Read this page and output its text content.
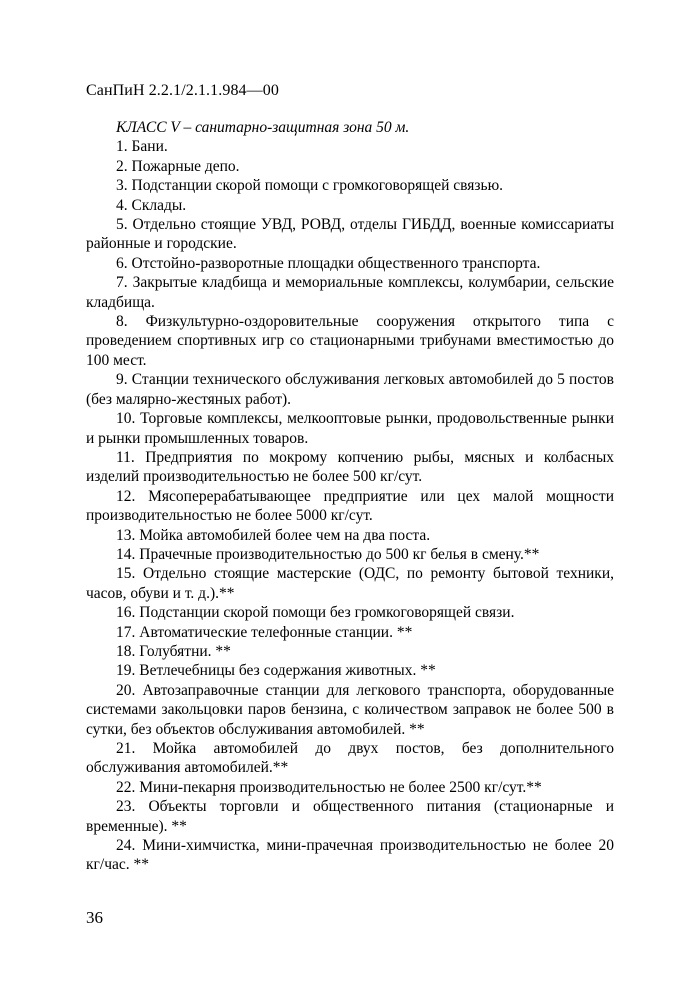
СанПиН 2.2.1/2.1.1.984—00

КЛАСС V – санитарно-защитная зона 50 м.

1. Бани.

2. Пожарные депо.

3. Подстанции скорой помощи с громкоговорящей связью.

4. Склады.

5. Отдельно стоящие УВД, РОВД, отделы ГИБДД, военные комиссариаты районные и городские.

6. Отстойно-разворотные площадки общественного транспорта.

7. Закрытые кладбища и мемориальные комплексы, колумбарии, сельские кладбища.

8. Физкультурно-оздоровительные сооружения открытого типа с проведением спортивных игр со стационарными трибунами вместимостью до 100 мест.

9. Станции технического обслуживания легковых автомобилей до 5 постов (без малярно-жестяных работ).

10. Торговые комплексы, мелкооптовые рынки, продовольственные рынки и рынки промышленных товаров.

11. Предприятия по мокрому копчению рыбы, мясных и колбасных изделий производительностью не более 500 кг/сут.

12. Мясоперерабатывающее предприятие или цех малой мощности производительностью не более 5000 кг/сут.

13. Мойка автомобилей более чем на два поста.

14. Прачечные производительностью до 500 кг белья в смену.**

15. Отдельно стоящие мастерские (ОДС, по ремонту бытовой техники, часов, обуви и т. д.).**

16. Подстанции скорой помощи без громкоговорящей связи.

17. Автоматические телефонные станции. **

18. Голубятни. **

19. Ветлечебницы без содержания животных. **

20. Автозаправочные станции для легкового транспорта, оборудованные системами закольцовки паров бензина, с количеством заправок не более 500 в сутки, без объектов обслуживания автомобилей. **

21. Мойка автомобилей до двух постов, без дополнительного обслуживания автомобилей.**

22. Мини-пекарня производительностью не более 2500 кг/сут.**

23. Объекты торговли и общественного питания (стационарные и временные). **

24. Мини-химчистка, мини-прачечная производительностью не более 20 кг/час. **

36
